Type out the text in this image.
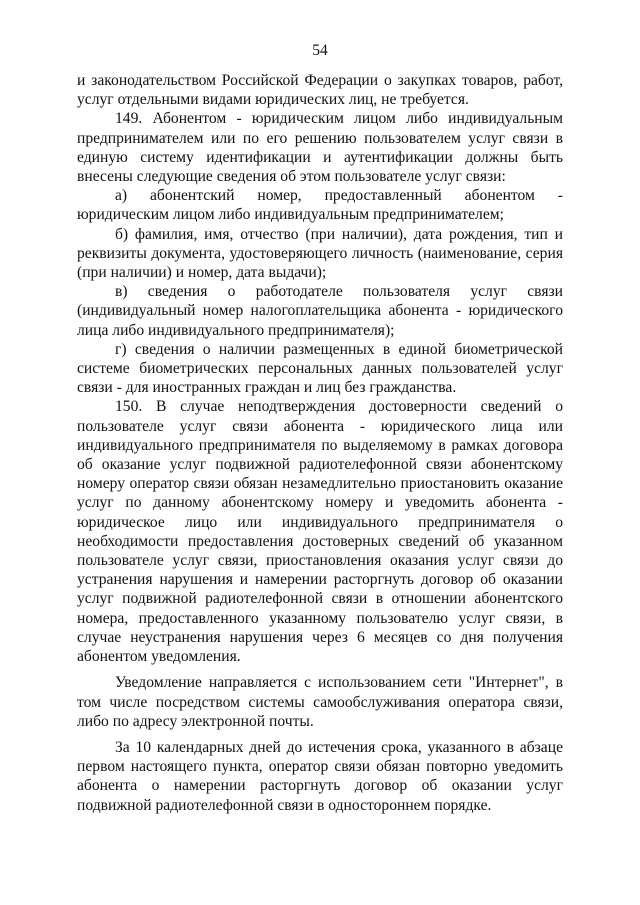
54

и законодательством Российской Федерации о закупках товаров, работ, услуг отдельными видами юридических лиц, не требуется.

149. Абонентом - юридическим лицом либо индивидуальным предпринимателем или по его решению пользователем услуг связи в единую систему идентификации и аутентификации должны быть внесены следующие сведения об этом пользователе услуг связи:

а) абонентский номер, предоставленный абонентом - юридическим лицом либо индивидуальным предпринимателем;

б) фамилия, имя, отчество (при наличии), дата рождения, тип и реквизиты документа, удостоверяющего личность (наименование, серия (при наличии) и номер, дата выдачи);

в) сведения о работодателе пользователя услуг связи (индивидуальный номер налогоплательщика абонента - юридического лица либо индивидуального предпринимателя);

г) сведения о наличии размещенных в единой биометрической системе биометрических персональных данных пользователей услуг связи - для иностранных граждан и лиц без гражданства.

150. В случае неподтверждения достоверности сведений о пользователе услуг связи абонента - юридического лица или индивидуального предпринимателя по выделяемому в рамках договора об оказание услуг подвижной радиотелефонной связи абонентскому номеру оператор связи обязан незамедлительно приостановить оказание услуг по данному абонентскому номеру и уведомить абонента - юридическое лицо или индивидуального предпринимателя о необходимости предоставления достоверных сведений об указанном пользователе услуг связи, приостановления оказания услуг связи до устранения нарушения и намерении расторгнуть договор об оказании услуг подвижной радиотелефонной связи в отношении абонентского номера, предоставленного указанному пользователю услуг связи, в случае неустранения нарушения через 6 месяцев со дня получения абонентом уведомления.

Уведомление направляется с использованием сети "Интернет", в том числе посредством системы самообслуживания оператора связи, либо по адресу электронной почты.

За 10 календарных дней до истечения срока, указанного в абзаце первом настоящего пункта, оператор связи обязан повторно уведомить абонента о намерении расторгнуть договор об оказании услуг подвижной радиотелефонной связи в одностороннем порядке.
